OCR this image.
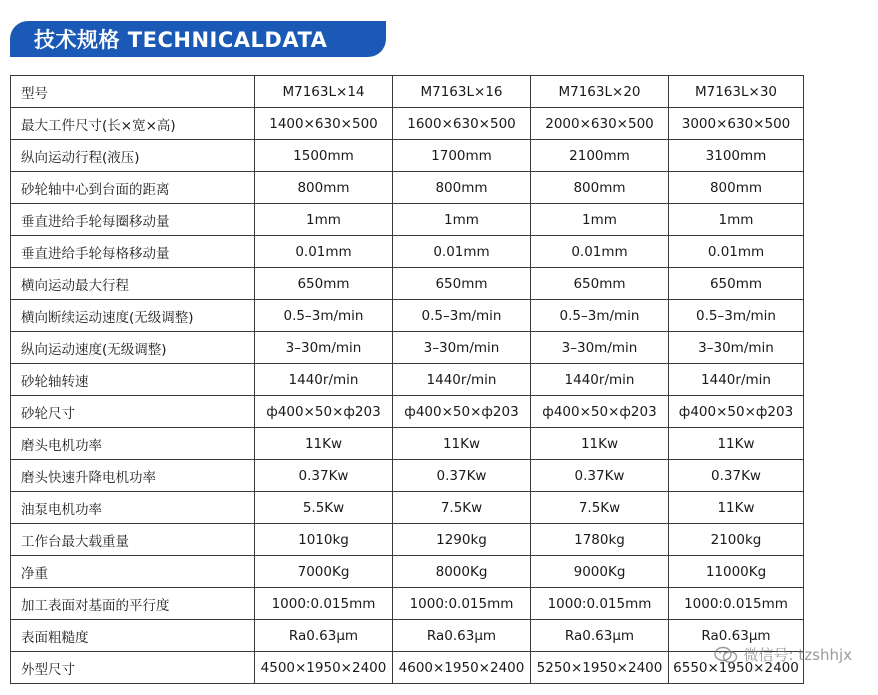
技术规格 TECHNICALDATA
型号	M7163L×14	M7163L×16	M7163L×20	M7163L×30
最大工件尺寸(长×宽×高)	1400×630×500	1600×630×500	2000×630×500	3000×630×500
纵向运动行程(液压)	1500mm	1700mm	2100mm	3100mm
砂轮轴中心到台面的距离	800mm	800mm	800mm	800mm
垂直进给手轮每圈移动量	1mm	1mm	1mm	1mm
垂直进给手轮每格移动量	0.01mm	0.01mm	0.01mm	0.01mm
横向运动最大行程	650mm	650mm	650mm	650mm
横向断续运动速度(无级调整)	0.5–3m/min	0.5–3m/min	0.5–3m/min	0.5–3m/min
纵向运动速度(无级调整)	3–30m/min	3–30m/min	3–30m/min	3–30m/min
砂轮轴转速	1440r/min	1440r/min	1440r/min	1440r/min
砂轮尺寸	ф400×50×ф203	ф400×50×ф203	ф400×50×ф203	ф400×50×ф203
磨头电机功率	11Kw	11Kw	11Kw	11Kw
磨头快速升降电机功率	0.37Kw	0.37Kw	0.37Kw	0.37Kw
油泵电机功率	5.5Kw	7.5Kw	7.5Kw	11Kw
工作台最大载重量	1010kg	1290kg	1780kg	2100kg
净重	7000Kg	8000Kg	9000Kg	11000Kg
加工表面对基面的平行度	1000:0.015mm	1000:0.015mm	1000:0.015mm	1000:0.015mm
表面粗糙度	Ra0.63μm	Ra0.63μm	Ra0.63μm	Ra0.63μm
外型尺寸	4500×1950×2400	4600×1950×2400	5250×1950×2400	6550×1950×2400
微信号: tzshhjx
